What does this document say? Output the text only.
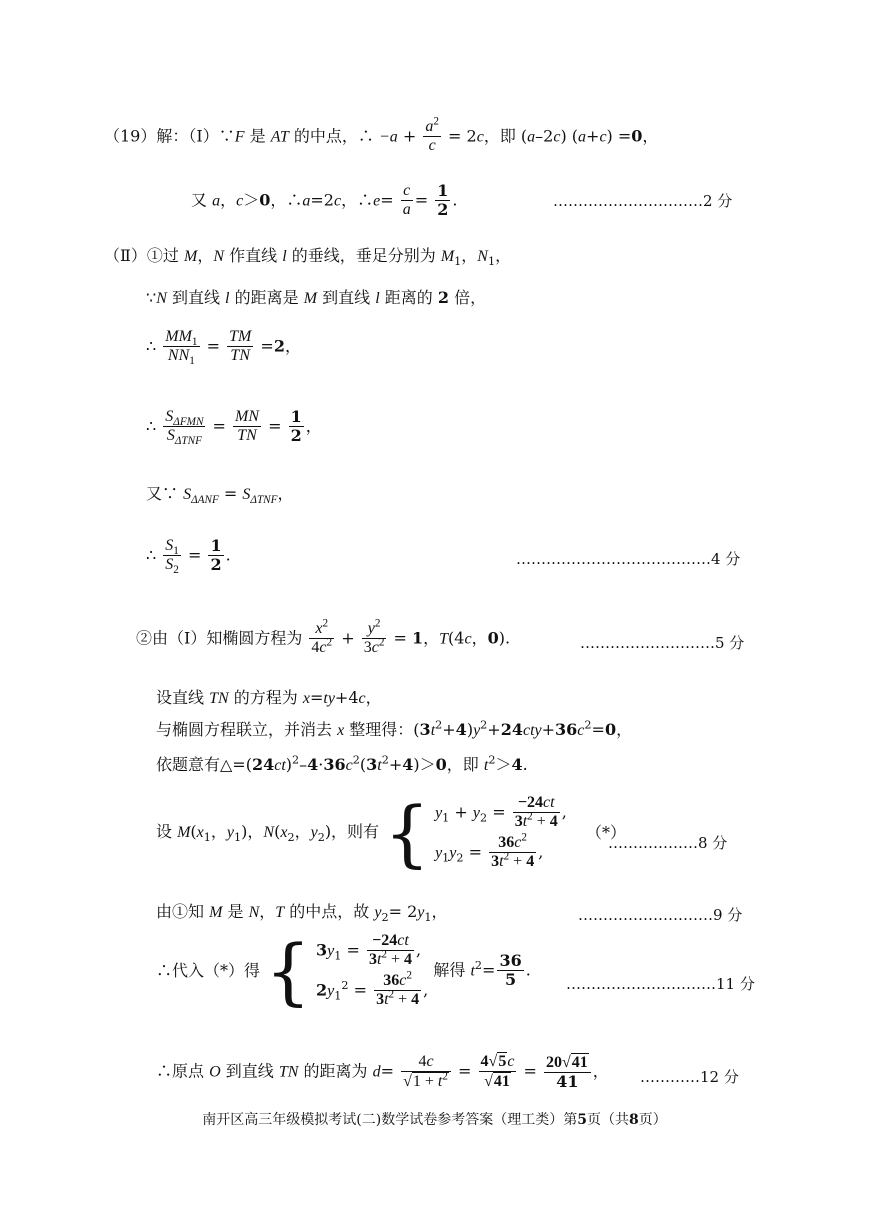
（19）解：（Ⅰ）∵F 是 AT 的中点，∴ $-a + \frac{a^2}{c} = 2c$，即 (a–2c) (a+c) =0，
又 a，c＞0，∴a=2c，∴e= $\frac{c}{a} = \frac{1}{2}$ .	…………………………2 分
（Ⅱ）①过 M，N 作直线 l 的垂线，垂足分别为 $M_1$，$N_1$，
∵N 到直线 l 的距离是 M 到直线 l 距离的 2 倍，
∴ $\frac{MM_1}{NN_1} = \frac{TM}{TN} =2$，
∴ $\frac{S_{\Delta FMN}}{S_{\Delta TNF}} = \frac{MN}{TN} = \frac{1}{2}$ ，
又∵ $S_{\Delta ANF} = S_{\Delta TNF}$，
∴ $\frac{S_1}{S_2} = \frac{1}{2}$ .	…………………………………4 分
②由（Ⅰ）知椭圆方程为 $\frac{x^2}{4c^2} + \frac{y^2}{3c^2} = 1$，T(4c，0).	………………………5 分
设直线 TN 的方程为 x=ty+4c，
与椭圆方程联立，并消去 x 整理得：$(3t^2+4)y^2+24cty+36c^2=0$，
依题意有$\triangle=(24ct)^2-4\cdot 36c^2(3t^2+4)>0$，即 $t^2>4$.
设 $M(x_1$，$y_1$)，$N(x_2$，$y_2$)，则有 { $y_1 + y_2 = \frac{-24ct}{3t^2 + 4}$ ,
$y_1y_2 = \frac{36c^2}{3t^2 + 4}$ ,
（*）
………………8 分
由①知 M 是 N，T 的中点，故 $y_2= 2y_1$，	………………………9 分
∴代入（*）得 { $3y_1 = \frac{-24ct}{3t^2 + 4}$ ,
$2y_1^2 = \frac{36c^2}{3t^2 + 4}$ ,
解得 $t^2= \frac{36}{5}$ .
…………………………11 分
∴原点 O 到直线 TN 的距离为 $d= \frac{4c}{√1 + t^2} = \frac{4√5c}{√41} = \frac{20√41}{41}$ ， …………12 分
南开区高三年级模拟考试(二)数学试卷参考答案（理工类）第5页（共8页）
